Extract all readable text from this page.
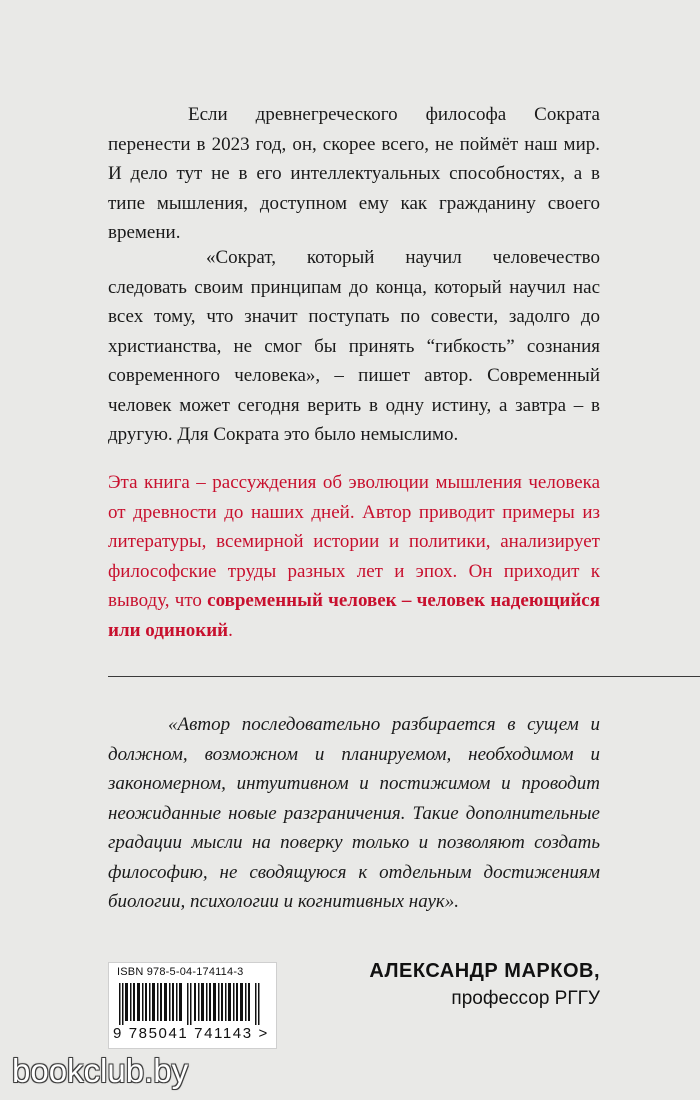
Если древнегреческого философа Сократа перенести в 2023 год, он, скорее всего, не поймёт наш мир. И дело тут не в его интеллектуальных способностях, а в типе мышления, доступном ему как гражданину своего времени.

«Сократ, который научил человечество следовать своим принципам до конца, который научил нас всех тому, что значит поступать по совести, задолго до христианства, не смог бы принять “гибкость” сознания современного человека», – пишет автор. Современный человек может сегодня верить в одну истину, а завтра – в другую. Для Сократа это было немыслимо.

Эта книга – рассуждения об эволюции мышления человека от древности до наших дней. Автор приводит примеры из литературы, всемирной истории и политики, анализирует философские труды разных лет и эпох. Он приходит к выводу, что современный человек – человек надеющийся или одинокий.

«Автор последовательно разбирается в сущем и должном, возможном и планируемом, необходимом и закономерном, интуитивном и постижимом и проводит неожиданные новые разграничения. Такие дополнительные градации мысли на поверку только и позволяют создать философию, не сводящуюся к отдельным достижениям биологии, психологии и когнитивных наук».

ISBN 978-5-04-174114-3
9 785041 741143 >
АЛЕКСАНДР МАРКОВ,
профессор РГГУ
bookclub.by
